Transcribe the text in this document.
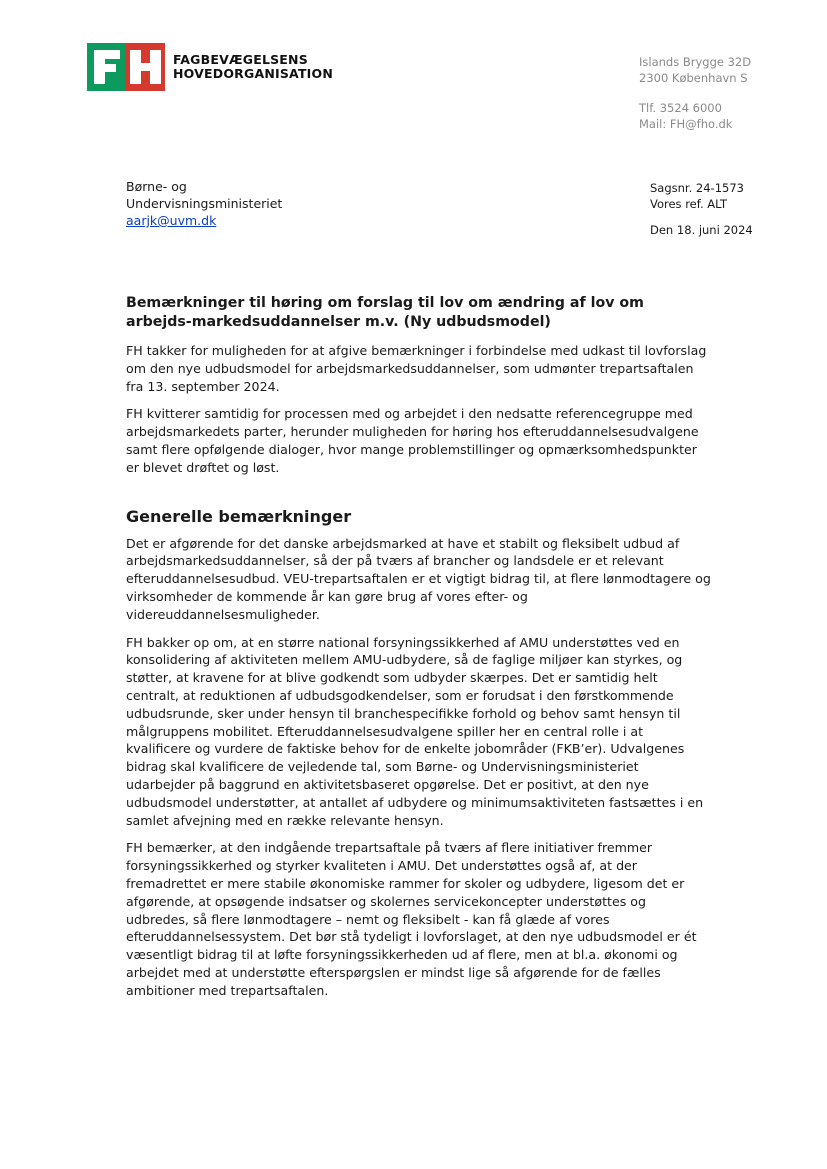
FAGBEVÆGELSENS
HOVEDORGANISATION
Islands Brygge 32D
2300 København S
Tlf. 3524 6000
Mail: FH@fho.dk
Børne- og
Undervisningsministeriet
aarjk@uvm.dk
Sagsnr. 24-1573
Vores ref. ALT
Den 18. juni 2024
Bemærkninger til høring om forslag til lov om ændring af lov om arbejds-markedsuddannelser m.v. (Ny udbudsmodel)

FH takker for muligheden for at afgive bemærkninger i forbindelse med udkast til lovforslag om den nye udbudsmodel for arbejdsmarkedsuddannelser, som udmønter trepartsaftalen fra 13. september 2024.

FH kvitterer samtidig for processen med og arbejdet i den nedsatte referencegruppe med arbejdsmarkedets parter, herunder muligheden for høring hos efteruddannelsesudvalgene samt flere opfølgende dialoger, hvor mange problemstillinger og opmærksomhedspunkter er blevet drøftet og løst.

Generelle bemærkninger

Det er afgørende for det danske arbejdsmarked at have et stabilt og fleksibelt udbud af arbejdsmarkedsuddannelser, så der på tværs af brancher og landsdele er et relevant efteruddannelsesudbud. VEU-trepartsaftalen er et vigtigt bidrag til, at flere lønmodtagere og virksomheder de kommende år kan gøre brug af vores efter- og videreuddannelsesmuligheder.

FH bakker op om, at en større national forsyningssikkerhed af AMU understøttes ved en konsolidering af aktiviteten mellem AMU-udbydere, så de faglige miljøer kan styrkes, og støtter, at kravene for at blive godkendt som udbyder skærpes. Det er samtidig helt centralt, at reduktionen af udbudsgodkendelser, som er forudsat i den førstkommende udbudsrunde, sker under hensyn til branchespecifikke forhold og behov samt hensyn til målgruppens mobilitet. Efteruddannelsesudvalgene spiller her en central rolle i at kvalificere og vurdere de faktiske behov for de enkelte jobområder (FKB’er). Udvalgenes bidrag skal kvalificere de vejledende tal, som Børne- og Undervisningsministeriet udarbejder på baggrund en aktivitetsbaseret opgørelse. Det er positivt, at den nye udbudsmodel understøtter, at antallet af udbydere og minimumsaktiviteten fastsættes i en samlet afvejning med en række relevante hensyn.

FH bemærker, at den indgående trepartsaftale på tværs af flere initiativer fremmer forsyningssikkerhed og styrker kvaliteten i AMU. Det understøttes også af, at der fremadrettet er mere stabile økonomiske rammer for skoler og udbydere, ligesom det er afgørende, at opsøgende indsatser og skolernes servicekoncepter understøttes og udbredes, så flere lønmodtagere – nemt og fleksibelt - kan få glæde af vores efteruddannelsessystem. Det bør stå tydeligt i lovforslaget, at den nye udbudsmodel er ét væsentligt bidrag til at løfte forsyningssikkerheden ud af flere, men at bl.a. økonomi og arbejdet med at understøtte efterspørgslen er mindst lige så afgørende for de fælles ambitioner med trepartsaftalen.
